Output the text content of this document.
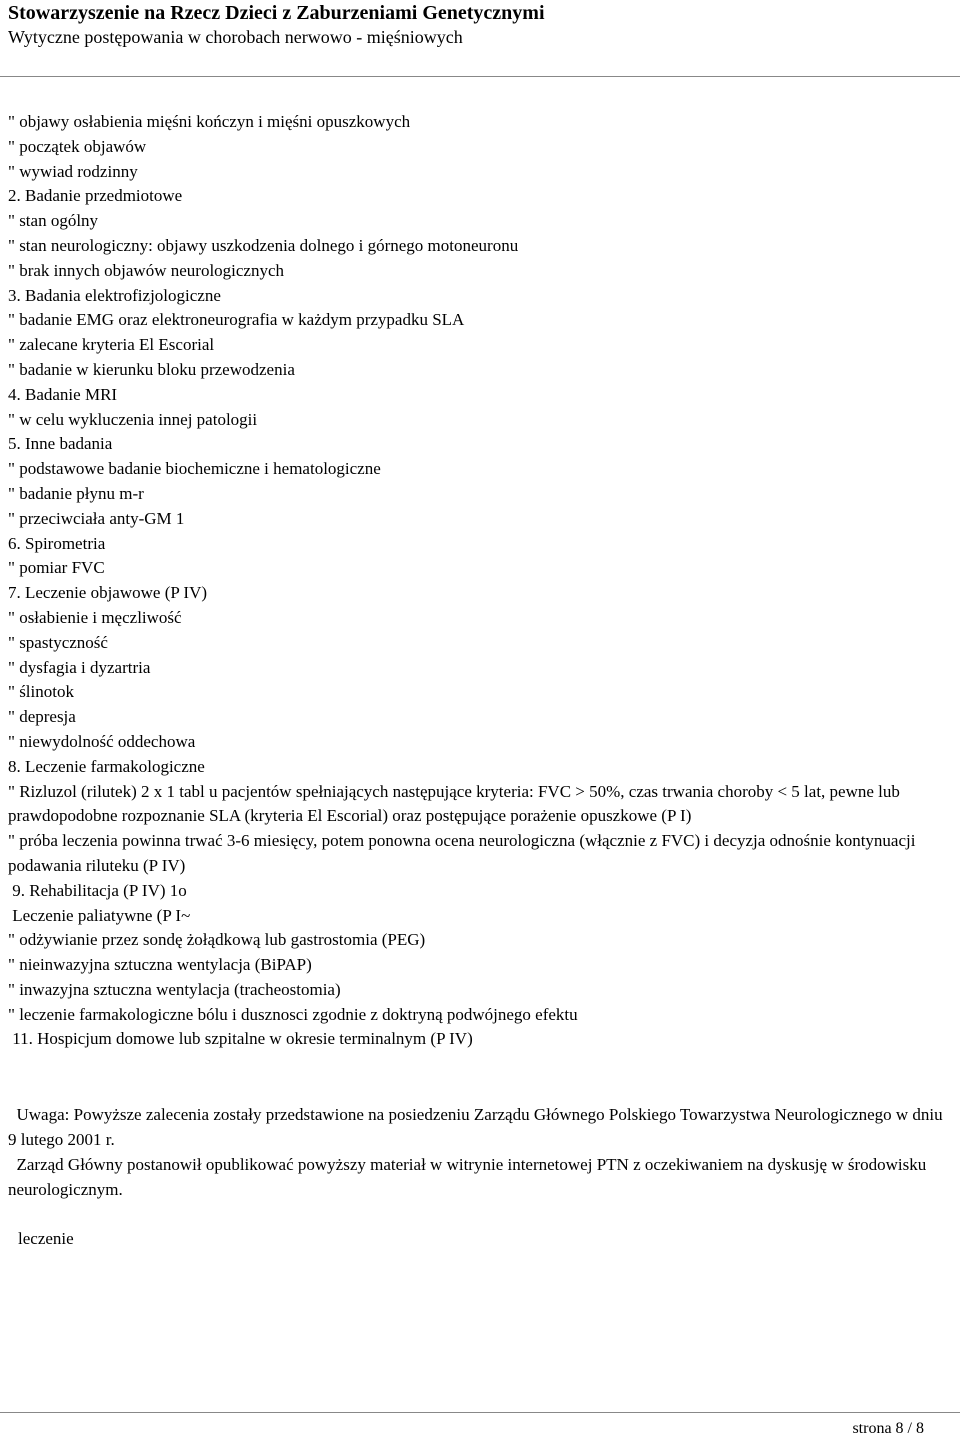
Stowarzyszenie na Rzecz Dzieci z Zaburzeniami Genetycznymi
Wytyczne postępowania w chorobach nerwowo - mięśniowych
" objawy osłabienia mięśni kończyn i mięśni opuszkowych
" początek objawów
" wywiad rodzinny
2. Badanie przedmiotowe
" stan ogólny
" stan neurologiczny: objawy uszkodzenia dolnego i górnego motoneuronu
" brak innych objawów neurologicznych
3. Badania elektrofizjologiczne
" badanie EMG oraz elektroneurografia w każdym przypadku SLA
" zalecane kryteria El Escorial
" badanie w kierunku bloku przewodzenia
4. Badanie MRI
" w celu wykluczenia innej patologii
5. Inne badania
" podstawowe badanie biochemiczne i hematologiczne
" badanie płynu m-r
" przeciwciała anty-GM 1
6. Spirometria
" pomiar FVC
7. Leczenie objawowe (P IV)
" osłabienie i męczliwość
" spastyczność
" dysfagia i dyzartria
" ślinotok
" depresja
" niewydolność oddechowa
8. Leczenie farmakologiczne
" Rizluzol (rilutek) 2 x 1 tabl u pacjentów spełniających następujące kryteria: FVC > 50%, czas trwania choroby < 5 lat, pewne lub prawdopodobne rozpoznanie SLA (kryteria El Escorial) oraz postępujące porażenie opuszkowe (P I)
" próba leczenia powinna trwać 3-6 miesięcy, potem ponowna ocena neurologiczna (włącznie z FVC) i decyzja odnośnie kontynuacji podawania riluteku (P IV)
9. Rehabilitacja (P IV) 1o
Leczenie paliatywne (P I~
" odżywianie przez sondę żołądkową lub gastrostomia (PEG)
" nieinwazyjna sztuczna wentylacja (BiPAP)
" inwazyjna sztuczna wentylacja (tracheostomia)
" leczenie farmakologiczne bólu i dusznosci zgodnie z doktryną podwójnego efektu
11. Hospicjum domowe lub szpitalne w okresie terminalnym (P IV)

Uwaga: Powyższe zalecenia zostały przedstawione na posiedzeniu Zarządu Głównego Polskiego Towarzystwa Neurologicznego w dniu 9 lutego 2001 r.

Zarząd Główny postanowił opublikować powyższy materiał w witrynie internetowej PTN z oczekiwaniem na dyskusję w środowisku neurologicznym.

leczenie
strona 8 / 8
